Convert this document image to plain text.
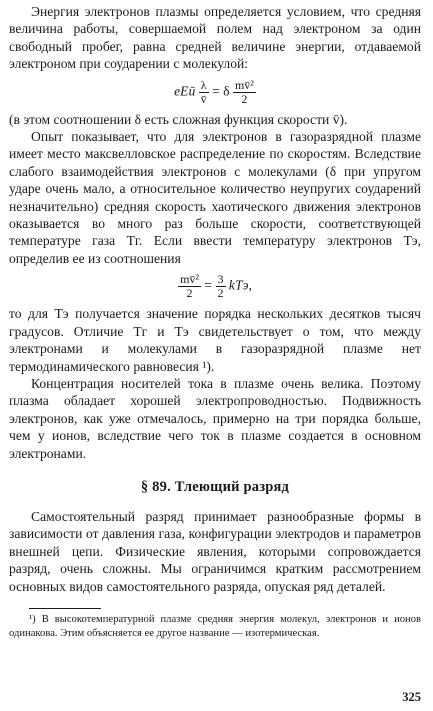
Энергия электронов плазмы определяется условием, что средняя величина работы, совершаемой полем над электроном за один свободный пробег, равна средней величине энергии, отдаваемой электроном при соударении с молекулой:

eEū $\frac{\lambda}{v̄} = \delta \frac{\text{mv̄²}}{2}$

(в этом соотношении δ есть сложная функция скорости v̄).

Опыт показывает, что для электронов в газоразрядной плазме имеет место максвелловское распределение по скоростям. Вследствие слабого взаимодействия электронов с молекулами (δ при упругом ударе очень мало, а относительное количество неупругих соударений незначительно) средняя скорость хаотического движения электронов оказывается во много раз больше скорости, соответствующей температуре газа Tг. Если ввести температуру электронов Tэ, определив ее из соотношения

$\frac{\text{mv̄²}}{2} = \frac{3}{2}$ kTэ,

то для Tэ получается значение порядка нескольких десятков тысяч градусов. Отличие Tг и Tэ свидетельствует о том, что между электронами и молекулами в газоразрядной плазме нет термодинамического равновесия ¹).

Концентрация носителей тока в плазме очень велика. Поэтому плазма обладает хорошей электропроводностью. Подвижность электронов, как уже отмечалось, примерно на три порядка больше, чем у ионов, вследствие чего ток в плазме создается в основном электронами.

§ 89. Тлеющий разряд

Самостоятельный разряд принимает разнообразные формы в зависимости от давления газа, конфигурации электродов и параметров внешней цепи. Физические явления, которыми сопровождается разряд, очень сложны. Мы ограничимся кратким рассмотрением основных видов самостоятельного разряда, опуская ряд деталей.

¹) В высокотемпературной плазме средняя энергия молекул, электронов и ионов одинакова. Этим объясняется ее другое название — изотермическая.

325
